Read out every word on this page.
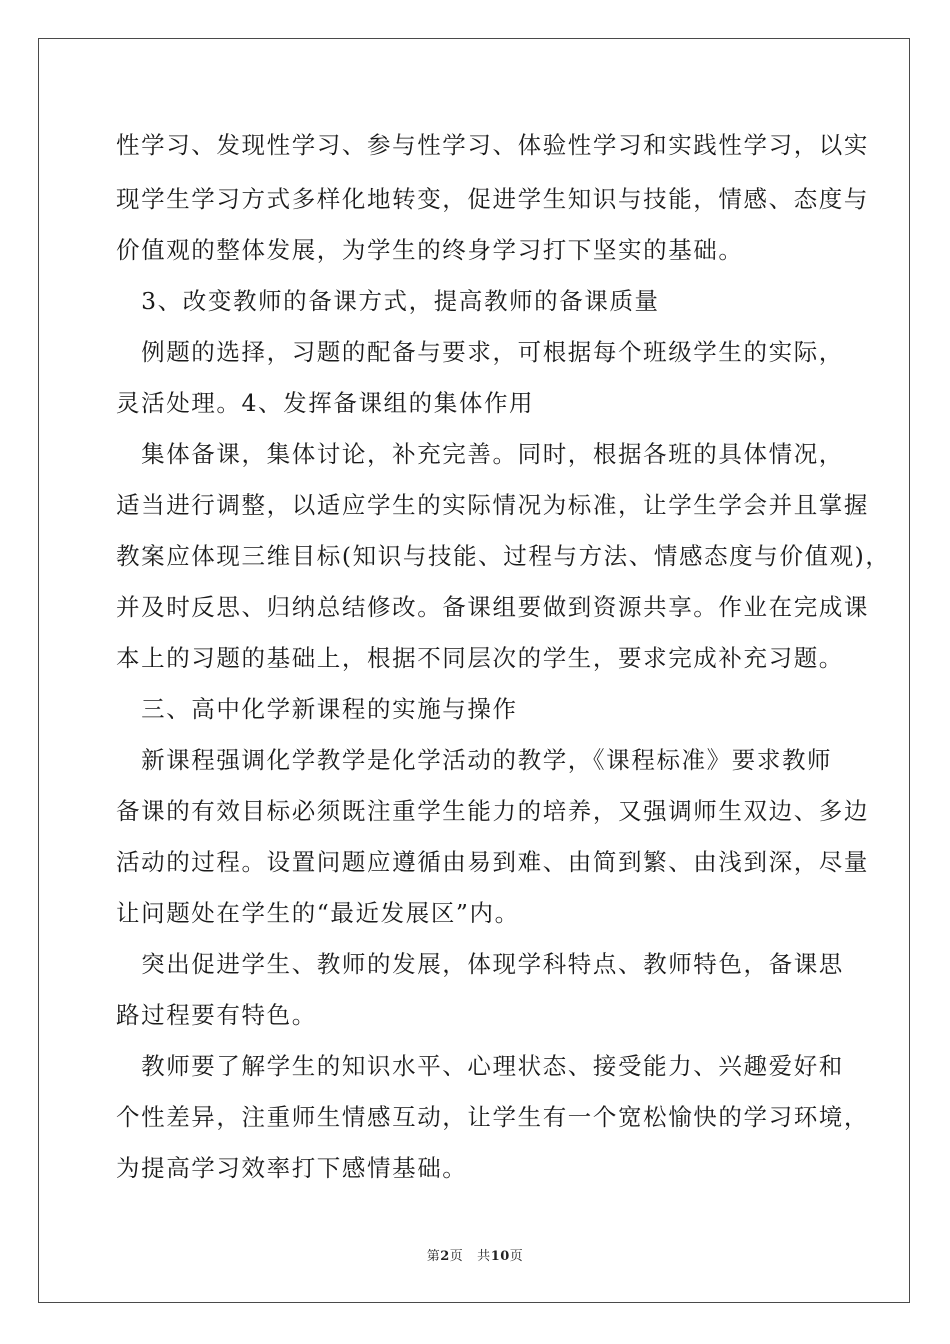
性学习、发现性学习、参与性学习、体验性学习和实践性学习，以实
现学生学习方式多样化地转变，促进学生知识与技能，情感、态度与
价值观的整体发展，为学生的终身学习打下坚实的基础。
　3、改变教师的备课方式，提高教师的备课质量
　例题的选择，习题的配备与要求，可根据每个班级学生的实际，
灵活处理。4、发挥备课组的集体作用
　集体备课，集体讨论，补充完善。同时，根据各班的具体情况，
适当进行调整，以适应学生的实际情况为标准，让学生学会并且掌握
教案应体现三维目标(知识与技能、过程与方法、情感态度与价值观)，
并及时反思、归纳总结修改。备课组要做到资源共享。作业在完成课
本上的习题的基础上，根据不同层次的学生，要求完成补充习题。
　三、高中化学新课程的实施与操作
　新课程强调化学教学是化学活动的教学，《课程标准》要求教师
备课的有效目标必须既注重学生能力的培养，又强调师生双边、多边
活动的过程。设置问题应遵循由易到难、由简到繁、由浅到深，尽量
让问题处在学生的“最近发展区”内。
　突出促进学生、教师的发展，体现学科特点、教师特色，备课思
路过程要有特色。
　教师要了解学生的知识水平、心理状态、接受能力、兴趣爱好和
个性差异，注重师生情感互动，让学生有一个宽松愉快的学习环境，
为提高学习效率打下感情基础。
第2页 共10页
